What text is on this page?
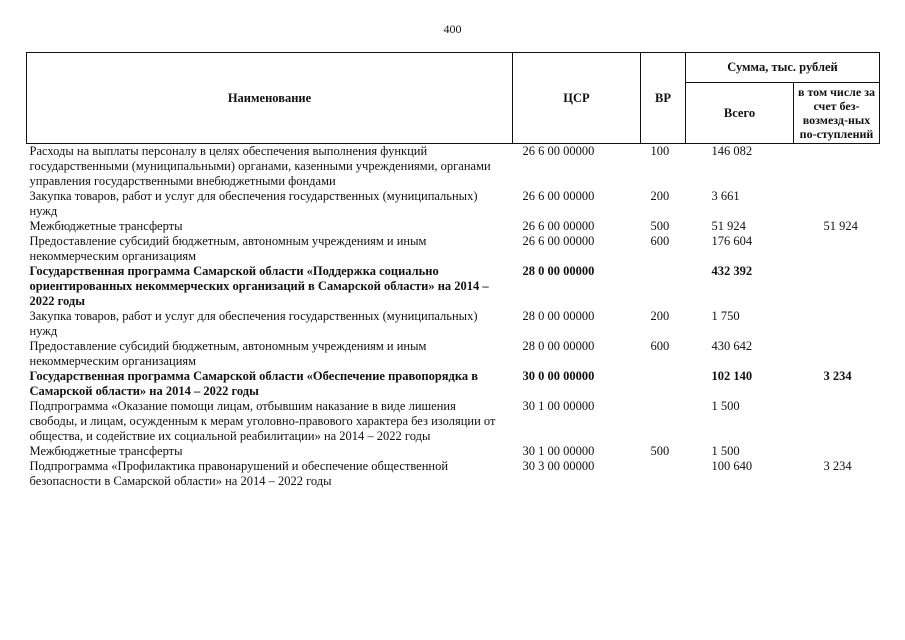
400
Наименование	ЦСР	ВР	Сумма, тыс. рублей	
			Всего	в том числе за счет без-возмезд-ных по-ступлений
Расходы на выплаты персоналу в целях обеспечения выполнения функций государственными (муниципальными) органами, казенными учреждениями, органами управления государственными внебюджетными фондами	26 6 00 00000	100	146 082	
Закупка товаров, работ и услуг для обеспечения государственных (муниципальных) нужд	26 6 00 00000	200	3 661	
Межбюджетные трансферты	26 6 00 00000	500	51 924	51 924
Предоставление субсидий бюджетным, автономным учреждениям и иным некоммерческим организациям	26 6 00 00000	600	176 604	
Государственная программа Самарской области «Поддержка социально ориентированных некоммерческих организаций в Самарской области» на 2014 – 2022 годы	28 0 00 00000		432 392	
Закупка товаров, работ и услуг для обеспечения государственных (муниципальных) нужд	28 0 00 00000	200	1 750	
Предоставление субсидий бюджетным, автономным учреждениям и иным некоммерческим организациям	28 0 00 00000	600	430 642	
Государственная программа Самарской области «Обеспечение правопорядка в Самарской области» на 2014 – 2022 годы	30 0 00 00000		102 140	3 234
Подпрограмма «Оказание помощи лицам, отбывшим наказание в виде лишения свободы, и лицам, осужденным к мерам уголовно-правового характера без изоляции от общества, и содействие их социальной реабилитации» на 2014 – 2022 годы	30 1 00 00000		1 500	
Межбюджетные трансферты	30 1 00 00000	500	1 500	
Подпрограмма «Профилактика правонарушений и обеспечение общественной безопасности в Самарской области» на 2014 – 2022 годы	30 3 00 00000		100 640	3 234
